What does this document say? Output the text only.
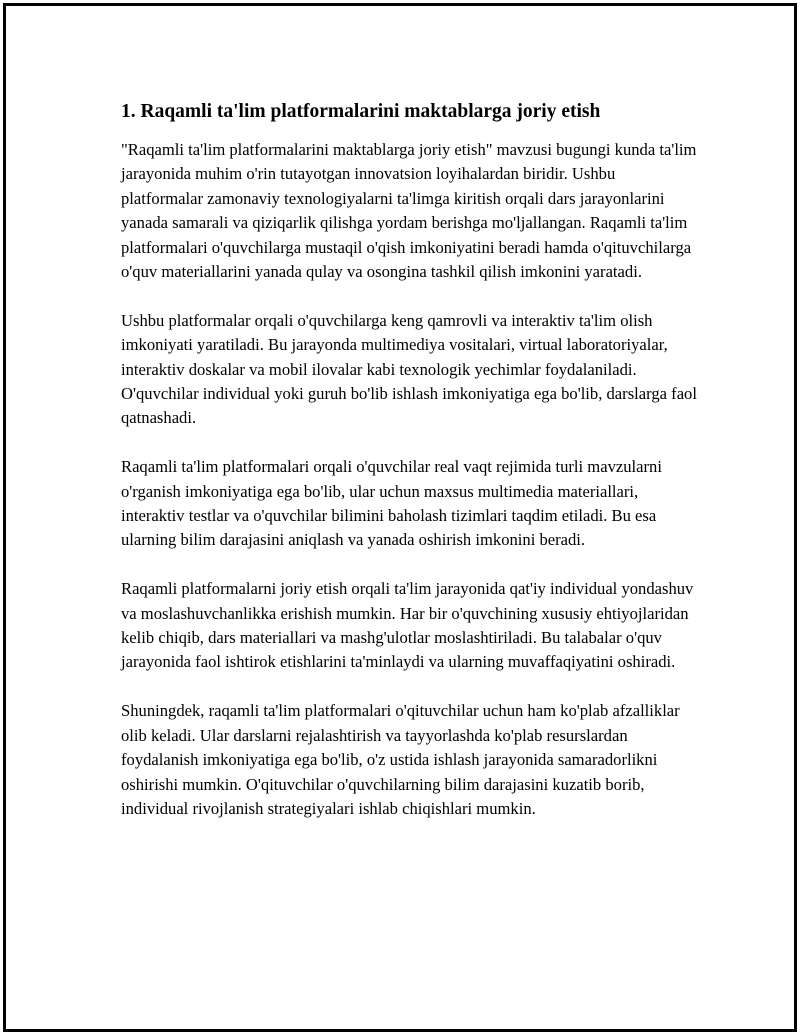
1. Raqamli ta'lim platformalarini maktablarga joriy etish

"Raqamli ta'lim platformalarini maktablarga joriy etish" mavzusi bugungi kunda ta'lim jarayonida muhim o'rin tutayotgan innovatsion loyihalardan biridir. Ushbu platformalar zamonaviy texnologiyalarni ta'limga kiritish orqali dars jarayonlarini yanada samarali va qiziqarlik qilishga yordam berishga mo'ljallangan. Raqamli ta'lim platformalari o'quvchilarga mustaqil o'qish imkoniyatini beradi hamda o'qituvchilarga o'quv materiallarini yanada qulay va osongina tashkil qilish imkonini yaratadi.

Ushbu platformalar orqali o'quvchilarga keng qamrovli va interaktiv ta'lim olish imkoniyati yaratiladi. Bu jarayonda multimediya vositalari, virtual laboratoriyalar, interaktiv doskalar va mobil ilovalar kabi texnologik yechimlar foydalaniladi. O'quvchilar individual yoki guruh bo'lib ishlash imkoniyatiga ega bo'lib, darslarga faol qatnashadi.

Raqamli ta'lim platformalari orqali o'quvchilar real vaqt rejimida turli mavzularni o'rganish imkoniyatiga ega bo'lib, ular uchun maxsus multimedia materiallari, interaktiv testlar va o'quvchilar bilimini baholash tizimlari taqdim etiladi. Bu esa ularning bilim darajasini aniqlash va yanada oshirish imkonini beradi.

Raqamli platformalarni joriy etish orqali ta'lim jarayonida qat'iy individual yondashuv va moslashuvchanlikka erishish mumkin. Har bir o'quvchining xususiy ehtiyojlaridan kelib chiqib, dars materiallari va mashg'ulotlar moslashtiriladi. Bu talabalar o'quv jarayonida faol ishtirok etishlarini ta'minlaydi va ularning muvaffaqiyatini oshiradi.

Shuningdek, raqamli ta'lim platformalari o'qituvchilar uchun ham ko'plab afzalliklar olib keladi. Ular darslarni rejalashtirish va tayyorlashda ko'plab resurslardan foydalanish imkoniyatiga ega bo'lib, o'z ustida ishlash jarayonida samaradorlikni oshirishi mumkin. O'qituvchilar o'quvchilarning bilim darajasini kuzatib borib, individual rivojlanish strategiyalari ishlab chiqishlari mumkin.
